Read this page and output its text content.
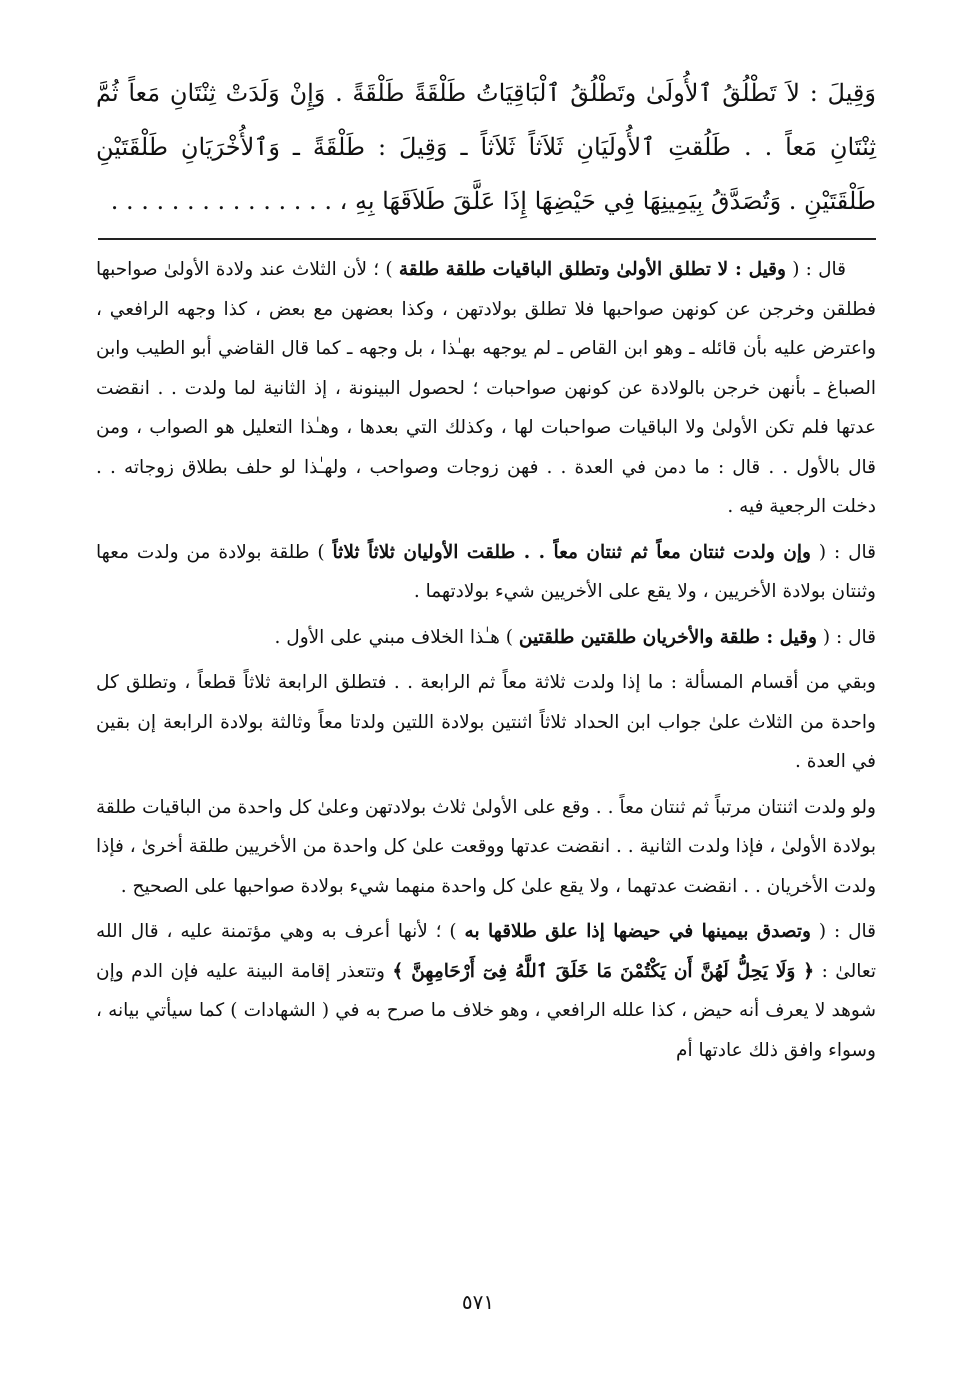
وَقِيلَ : لاَ تَطْلُقُ ٱلأُولَىٰ وتَطْلُقُ ٱلْبَاقِيَاتُ طَلْقَةً طَلْقَةً . وَإِنْ وَلَدَتْ ثِنْتَانِ مَعاً ثُمَّ ثِنْتَانِ مَعاً . . طَلُقتِ ٱلأُولَيَانِ ثَلاَثاً ثَلاَثاً ـ وَقِيلَ : طَلْقَةً ـ وَٱلأُخْرَيَانِ طَلْقَتَيْنِ طَلْقَتَيْنِ . وَتُصَدَّقُ بِيَمِينِهَا فِي حَيْضِهَا إِذَا عَلَّقَ طَلاَقَهَا بِهِ ، . . . . . . . . . . . . . . .

قال : ( وقيل : لا تطلق الأولىٰ وتطلق الباقيات طلقة طلقة ) ؛ لأن الثلاث عند ولادة الأولىٰ صواحبها فطلقن وخرجن عن كونهن صواحبها فلا تطلق بولادتهن ، وكذا بعضهن مع بعض ، كذا وجهه الرافعي ، واعترض عليه بأن قائله ـ وهو ابن القاص ـ لم يوجهه بهـٰذا ، بل وجهه ـ كما قال القاضي أبو الطيب وابن الصباغ ـ بأنهن خرجن بالولادة عن كونهن صواحبات ؛ لحصول البينونة ، إذ الثانية لما ولدت . . انقضت عدتها فلم تكن الأولىٰ ولا الباقيات صواحبات لها ، وكذلك التي بعدها ، وهـٰذا التعليل هو الصواب ، ومن قال بالأول . . قال : ما دمن في العدة . . فهن زوجات وصواحب ، ولهـٰذا لو حلف بطلاق زوجاته . . دخلت الرجعية فيه .

قال : ( وإن ولدت ثنتان معاً ثم ثنتان معاً . . طلقت الأوليان ثلاثاً ثلاثاً ) طلقة بولادة من ولدت معها وثنتان بولادة الأخريين ، ولا يقع على الأخريين شيء بولادتهما .

قال : ( وقيل : طلقة والأخريان طلقتين طلقتين ) هـٰذا الخلاف مبني على الأول .

وبقي من أقسام المسألة : ما إذا ولدت ثلاثة معاً ثم الرابعة . . فتطلق الرابعة ثلاثاً قطعاً ، وتطلق كل واحدة من الثلاث علىٰ جواب ابن الحداد ثلاثاً اثنتين بولادة اللتين ولدتا معاً وثالثة بولادة الرابعة إن بقين في العدة .

ولو ولدت اثنتان مرتباً ثم ثنتان معاً . . وقع على الأولىٰ ثلاث بولادتهن وعلىٰ كل واحدة من الباقيات طلقة بولادة الأولىٰ ، فإذا ولدت الثانية . . انقضت عدتها ووقعت علىٰ كل واحدة من الأخريين طلقة أخرىٰ ، فإذا ولدت الأخريان . . انقضت عدتهما ، ولا يقع علىٰ كل واحدة منهما شيء بولادة صواحبها على الصحيح .

قال : ( وتصدق بيمينها في حيضها إذا علق طلاقها به ) ؛ لأنها أعرف به وهي مؤتمنة عليه ، قال الله تعالىٰ : ﴿ وَلَا يَحِلُّ لَهُنَّ أَن يَكْتُمْنَ مَا خَلَقَ ٱللَّهُ فِىٓ أَرْحَامِهِنَّ ﴾ وتتعذر إقامة البينة عليه فإن الدم وإن شوهد لا يعرف أنه حيض ، كذا علله الرافعي ، وهو خلاف ما صرح به في ( الشهادات ) كما سيأتي بيانه ، وسواء وافق ذلك عادتها أم

٥٧١
